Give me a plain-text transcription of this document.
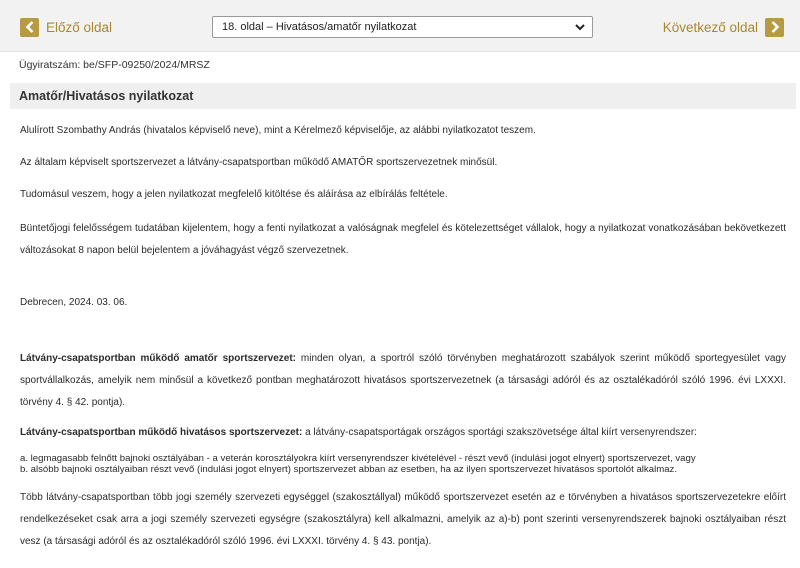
Előző oldal	18. oldal – Hivatásos/amatőr nyilatkozat	Következő oldal
Ügyiratszám: be/SFP-09250/2024/MRSZ
Amatőr/Hivatásos nyilatkozat

Alulírott Szombathy András (hivatalos képviselő neve), mint a Kérelmező képviselője, az alábbi nyilatkozatot teszem.

Az általam képviselt sportszervezet a látvány-csapatsportban működő AMATŐR sportszervezetnek minősül.

Tudomásul veszem, hogy a jelen nyilatkozat megfelelő kitöltése és aláírása az elbírálás feltétele.

Büntetőjogi felelősségem tudatában kijelentem, hogy a fenti nyilatkozat a valóságnak megfelel és kötelezettséget vállalok, hogy a nyilatkozat vonatkozásában bekövetkezett változásokat 8 napon belül bejelentem a jóváhagyást végző szervezetnek.

Debrecen, 2024. 03. 06.

Látvány-csapatsportban működő amatőr sportszervezet: minden olyan, a sportról szóló törvényben meghatározott szabályok szerint működő sportegyesület vagy sportvállalkozás, amelyik nem minősül a következő pontban meghatározott hivatásos sportszervezetnek (a társasági adóról és az osztalékadóról szóló 1996. évi LXXXI. törvény 4. § 42. pontja).

Látvány-csapatsportban működő hivatásos sportszervezet: a látvány-csapatsportágak országos sportági szakszövetsége által kiírt versenyrendszer:

a. legmagasabb felnőtt bajnoki osztályában - a veterán korosztályokra kiírt versenyrendszer kivételével - részt vevő (indulási jogot elnyert) sportszervezet, vagy
b. alsóbb bajnoki osztályaiban részt vevő (indulási jogot elnyert) sportszervezet abban az esetben, ha az ilyen sportszervezet hivatásos sportolót alkalmaz.

Több látvány-csapatsportban több jogi személy szervezeti egységgel (szakosztállyal) működő sportszervezet esetén az e törvényben a hivatásos sportszervezetekre előírt rendelkezéseket csak arra a jogi személy szervezeti egységre (szakosztályra) kell alkalmazni, amelyik az a)-b) pont szerinti versenyrendszerek bajnoki osztályaiban részt vesz (a társasági adóról és az osztalékadóról szóló 1996. évi LXXXI. törvény 4. § 43. pontja).
